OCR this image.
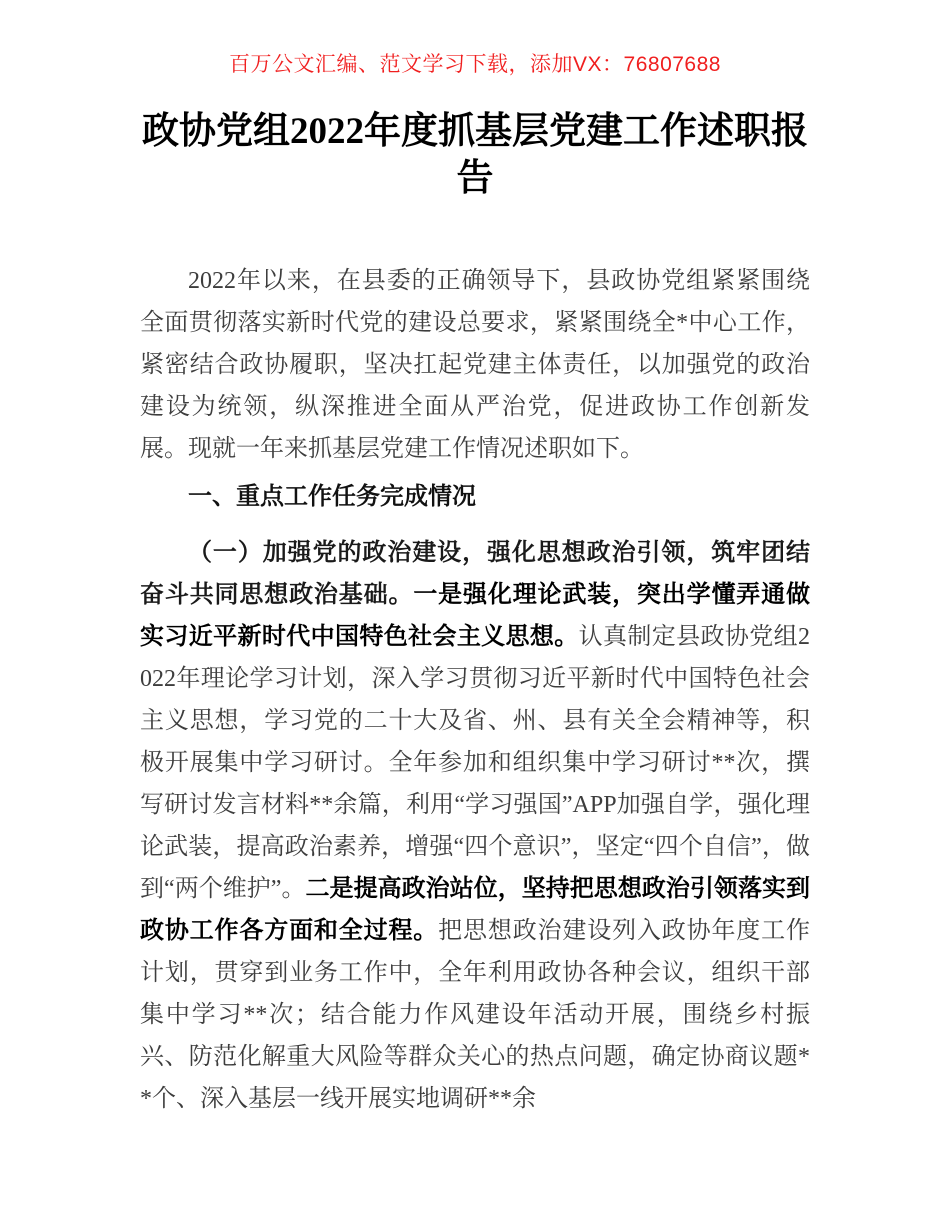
百万公文汇编、范文学习下载，添加VX：76807688
政协党组2022年度抓基层党建工作述职报告

2022年以来，在县委的正确领导下，县政协党组紧紧围绕全面贯彻落实新时代党的建设总要求，紧紧围绕全*中心工作，紧密结合政协履职，坚决扛起党建主体责任，以加强党的政治建设为统领，纵深推进全面从严治党，促进政协工作创新发展。现就一年来抓基层党建工作情况述职如下。

一、重点工作任务完成情况

（一）加强党的政治建设，强化思想政治引领，筑牢团结奋斗共同思想政治基础。一是强化理论武装，突出学懂弄通做实习近平新时代中国特色社会主义思想。认真制定县政协党组2022年理论学习计划，深入学习贯彻习近平新时代中国特色社会主义思想，学习党的二十大及省、州、县有关全会精神等，积极开展集中学习研讨。全年参加和组织集中学习研讨**次，撰写研讨发言材料**余篇，利用“学习强国”APP加强自学，强化理论武装，提高政治素养，增强“四个意识”，坚定“四个自信”，做到“两个维护”。二是提高政治站位，坚持把思想政治引领落实到政协工作各方面和全过程。把思想政治建设列入政协年度工作计划，贯穿到业务工作中，全年利用政协各种会议，组织干部集中学习**次；结合能力作风建设年活动开展，围绕乡村振兴、防范化解重大风险等群众关心的热点问题，确定协商议题**个、深入基层一线开展实地调研**余
